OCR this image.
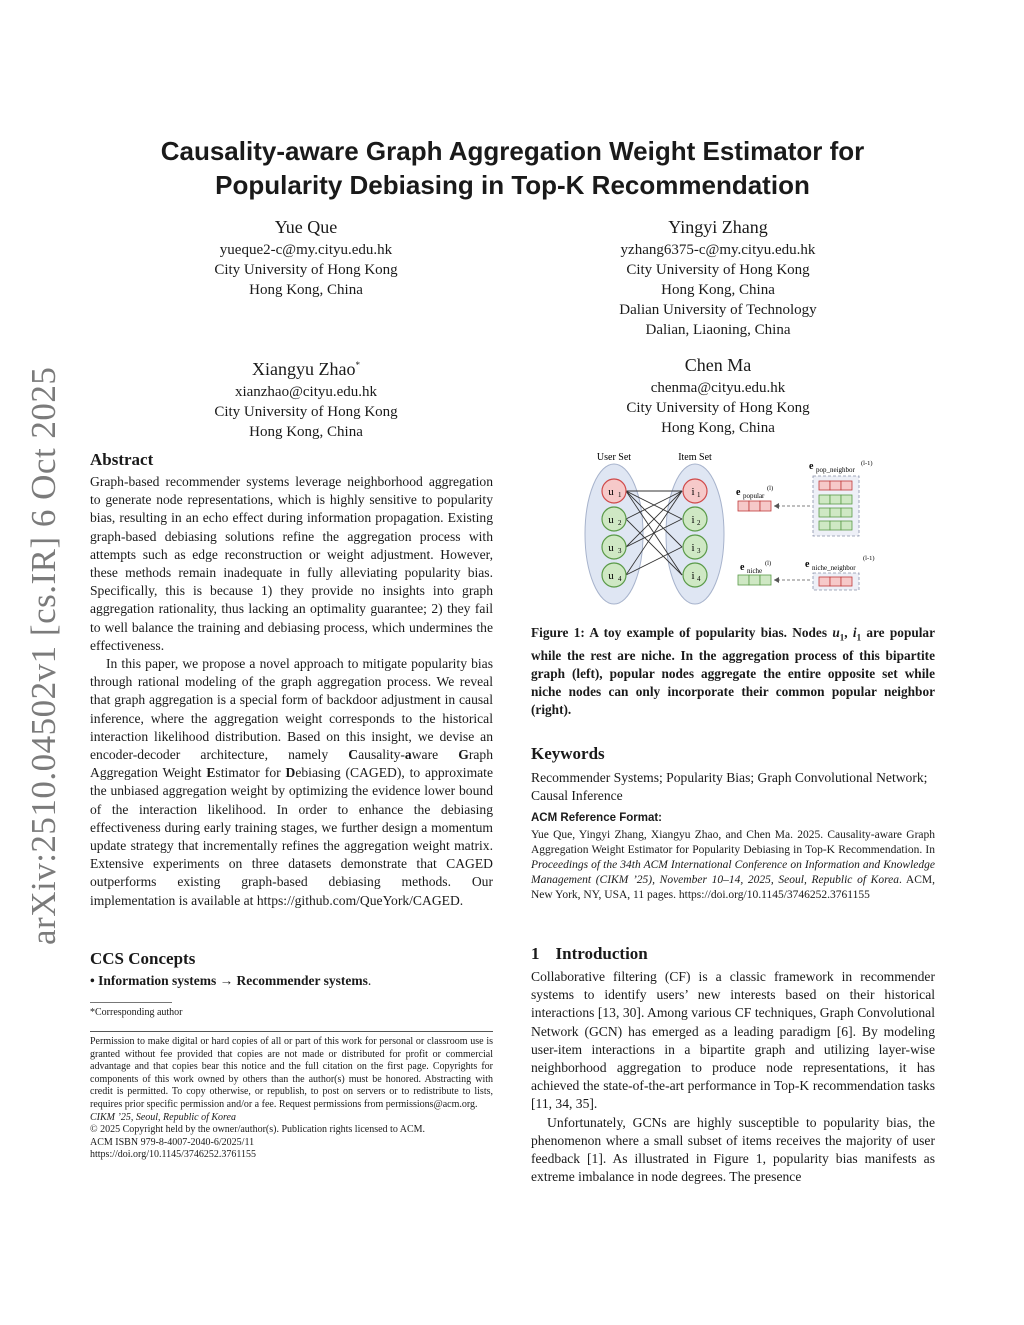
arXiv:2510.04502v1 [cs.IR] 6 Oct 2025
Causality-aware Graph Aggregation Weight Estimator for
Popularity Debiasing in Top-K Recommendation
Yue Que
yueque2-c@my.cityu.edu.hk
City University of Hong Kong
Hong Kong, China
Yingyi Zhang
yzhang6375-c@my.cityu.edu.hk
City University of Hong Kong
Hong Kong, China
Dalian University of Technology
Dalian, Liaoning, China
Xiangyu Zhao*
xianzhao@cityu.edu.hk
City University of Hong Kong
Hong Kong, China
Chen Ma
chenma@cityu.edu.hk
City University of Hong Kong
Hong Kong, China
Abstract

Graph-based recommender systems leverage neighborhood aggregation to generate node representations, which is highly sensitive to popularity bias, resulting in an echo effect during information propagation. Existing graph-based debiasing solutions refine the aggregation process with attempts such as edge reconstruction or weight adjustment. However, these methods remain inadequate in fully alleviating popularity bias. Specifically, this is because 1) they provide no insights into graph aggregation rationality, thus lacking an optimality guarantee; 2) they fail to well balance the training and debiasing process, which undermines the effectiveness.

In this paper, we propose a novel approach to mitigate popularity bias through rational modeling of the graph aggregation process. We reveal that graph aggregation is a special form of backdoor adjustment in causal inference, where the aggregation weight corresponds to the historical interaction likelihood distribution. Based on this insight, we devise an encoder-decoder architecture, namely Causality-aware Graph Aggregation Weight Estimator for Debiasing (CAGED), to approximate the unbiased aggregation weight by optimizing the evidence lower bound of the interaction likelihood. In order to enhance the debiasing effectiveness during early training stages, we further design a momentum update strategy that incrementally refines the aggregation weight matrix. Extensive experiments on three datasets demonstrate that CAGED outperforms existing graph-based debiasing methods. Our implementation is available at https://github.com/QueYork/CAGED.

CCS Concepts
• Information systems → Recommender systems.
*Corresponding author
Permission to make digital or hard copies of all or part of this work for personal or classroom use is granted without fee provided that copies are not made or distributed for profit or commercial advantage and that copies bear this notice and the full citation on the first page. Copyrights for components of this work owned by others than the author(s) must be honored. Abstracting with credit is permitted. To copy otherwise, or republish, to post on servers or to redistribute to lists, requires prior specific permission and/or a fee. Request permissions from permissions@acm.org.
CIKM ’25, Seoul, Republic of Korea
© 2025 Copyright held by the owner/author(s). Publication rights licensed to ACM.
ACM ISBN 979-8-4007-2040-6/2025/11
https://doi.org/10.1145/3746252.3761155
User Set	Item Set
u 1
u 2
u 3
u 4
i 1
i 2
i 3
i 4
e popular
(l)
e pop_neighbor
(l-1)
e niche
(l)	e niche_neighbor
(l-1)
Figure 1: A toy example of popularity bias. Nodes $u_1$, $i_1$ are popular while the rest are niche. In the aggregation process of this bipartite graph (left), popular nodes aggregate the entire opposite set while niche nodes can only incorporate their common popular neighbor (right).
Keywords
Recommender Systems; Popularity Bias; Graph Convolutional Network; Causal Inference
ACM Reference Format:
Yue Que, Yingyi Zhang, Xiangyu Zhao, and Chen Ma. 2025. Causality-aware Graph Aggregation Weight Estimator for Popularity Debiasing in Top-K Recommendation. In Proceedings of the 34th ACM International Conference on Information and Knowledge Management (CIKM ’25), November 10–14, 2025, Seoul, Republic of Korea. ACM, New York, NY, USA, 11 pages. https://doi.org/10.1145/3746252.3761155
1 Introduction

Collaborative filtering (CF) is a classic framework in recommender systems to identify users’ new interests based on their historical interactions [13, 30]. Among various CF techniques, Graph Convolutional Network (GCN) has emerged as a leading paradigm [6]. By modeling user-item interactions in a bipartite graph and utilizing layer-wise neighborhood aggregation to produce node representations, it has achieved the state-of-the-art performance in Top-K recommendation tasks [11, 34, 35].

Unfortunately, GCNs are highly susceptible to popularity bias, the phenomenon where a small subset of items receives the majority of user feedback [1]. As illustrated in Figure 1, popularity bias manifests as extreme imbalance in node degrees. The presence
